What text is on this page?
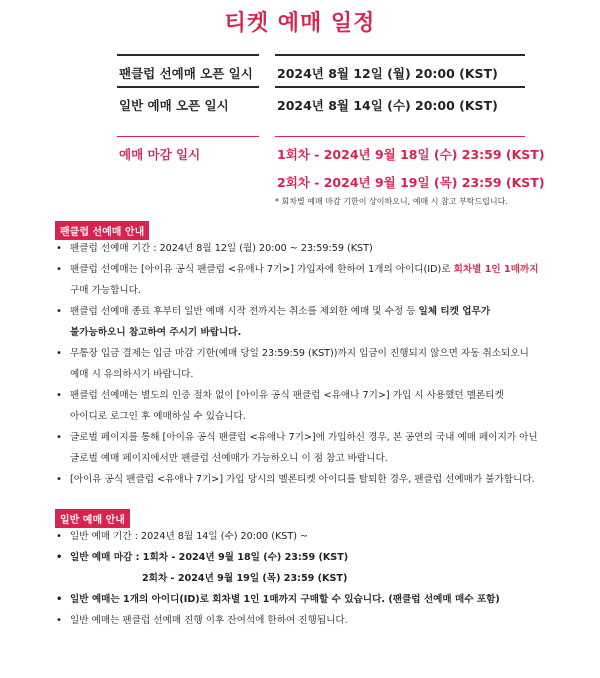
티켓 예매 일정
팬클럽 선예매 오픈 일시 2024년 8월 12일 (월) 20:00 (KST)
일반 예매 오픈 일시	2024년 8월 14일 (수) 20:00 (KST)
예매 마감 일시	1회차 - 2024년 9월 18일 (수) 23:59 (KST)
2회차 - 2024년 9월 19일 (목) 23:59 (KST)
* 회차별 예매 마감 기한이 상이하오니, 예매 시 참고 부탁드립니다.
팬클럽 선예매 안내
• 팬클럽 선예매 기간 : 2024년 8월 12일 (월) 20:00 ~ 23:59:59 (KST)
• 팬클럽 선예매는 [아이유 공식 팬클럽 <유애나 7기>] 가입자에 한하여 1개의 아이디(ID)로 회차별 1인 1매까지
구매 가능합니다.
• 팬클럽 선예매 종료 후부터 일반 예매 시작 전까지는 취소를 제외한 예매 및 수정 등 일체 티켓 업무가
불가능하오니 참고하여 주시기 바랍니다.
• 무통장 입금 결제는 입금 마감 기한(예매 당일 23:59:59 (KST))까지 입금이 진행되지 않으면 자동 취소되오니
예매 시 유의하시기 바랍니다.
• 팬클럽 선예매는 별도의 인증 절차 없이 [아이유 공식 팬클럽 <유애나 7기>] 가입 시 사용했던 멜론티켓
아이디로 로그인 후 예매하실 수 있습니다.
• 글로벌 페이지를 통해 [아이유 공식 팬클럽 <유애나 7기>]에 가입하신 경우, 본 공연의 국내 예매 페이지가 아닌
글로벌 예매 페이지에서만 팬클럽 선예매가 가능하오니 이 점 참고 바랍니다.
• [아이유 공식 팬클럽 <유애나 7기>] 가입 당시의 멜론티켓 아이디를 탈퇴한 경우, 팬클럽 선예매가 불가합니다.
일반 예매 안내
• 일반 예매 기간 : 2024년 8월 14일 (수) 20:00 (KST) ~
• 일반 예매 마감 : 1회차 - 2024년 9월 18일 (수) 23:59 (KST)
2회차 - 2024년 9월 19일 (목) 23:59 (KST)
• 일반 예매는 1개의 아이디(ID)로 회차별 1인 1매까지 구매할 수 있습니다. (팬클럽 선예매 매수 포함)
• 일반 예매는 팬클럽 선예매 진행 이후 잔여석에 한하여 진행됩니다.
